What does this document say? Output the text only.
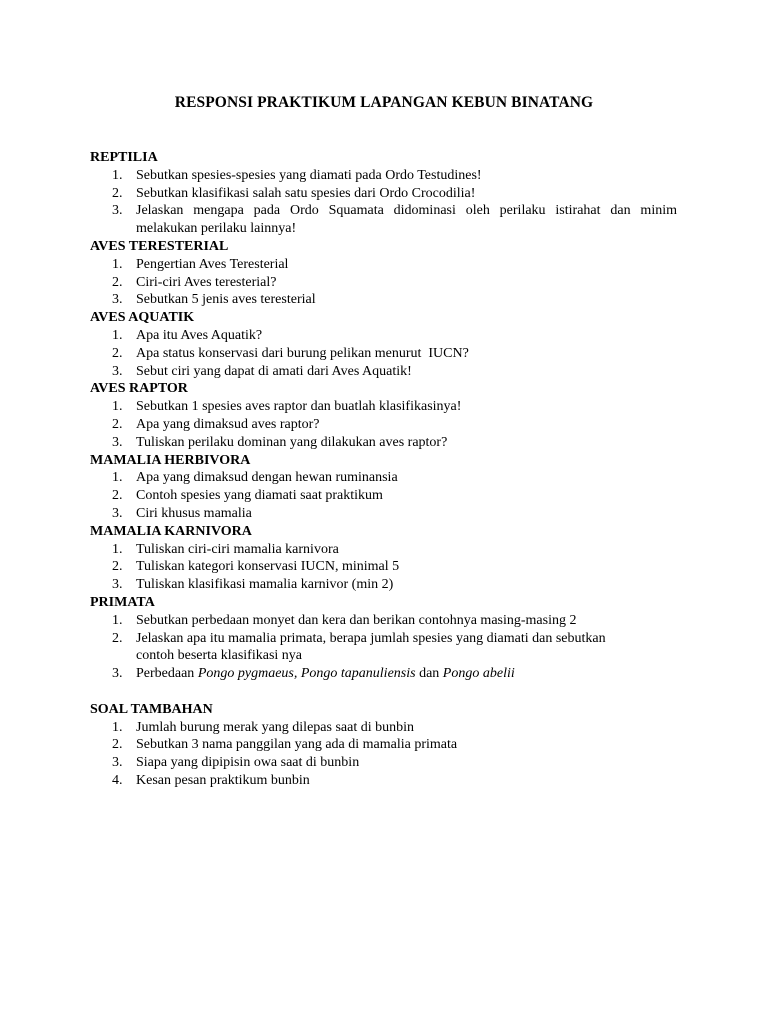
RESPONSI PRAKTIKUM LAPANGAN KEBUN BINATANG
REPTILIA
1. Sebutkan spesies-spesies yang diamati pada Ordo Testudines!
2. Sebutkan klasifikasi salah satu spesies dari Ordo Crocodilia!
3. Jelaskan mengapa pada Ordo Squamata didominasi oleh perilaku istirahat dan minim
melakukan perilaku lainnya!
AVES TERESTERIAL
1. Pengertian Aves Teresterial
2. Ciri-ciri Aves teresterial?
3. Sebutkan 5 jenis aves teresterial
AVES AQUATIK
1. Apa itu Aves Aquatik?
2. Apa status konservasi dari burung pelikan menurut  IUCN?
3. Sebut ciri yang dapat di amati dari Aves Aquatik!
AVES RAPTOR
1. Sebutkan 1 spesies aves raptor dan buatlah klasifikasinya!
2. Apa yang dimaksud aves raptor?
3. Tuliskan perilaku dominan yang dilakukan aves raptor?
MAMALIA HERBIVORA
1. Apa yang dimaksud dengan hewan ruminansia
2. Contoh spesies yang diamati saat praktikum
3. Ciri khusus mamalia
MAMALIA KARNIVORA
1. Tuliskan ciri-ciri mamalia karnivora
2. Tuliskan kategori konservasi IUCN, minimal 5
3. Tuliskan klasifikasi mamalia karnivor (min 2)
PRIMATA
1. Sebutkan perbedaan monyet dan kera dan berikan contohnya masing-masing 2
2. Jelaskan apa itu mamalia primata, berapa jumlah spesies yang diamati dan sebutkan
contoh beserta klasifikasi nya
3. Perbedaan Pongo pygmaeus, Pongo tapanuliensis dan Pongo abelii
SOAL TAMBAHAN
1. Jumlah burung merak yang dilepas saat di bunbin
2. Sebutkan 3 nama panggilan yang ada di mamalia primata
3. Siapa yang dipipisin owa saat di bunbin
4. Kesan pesan praktikum bunbin
